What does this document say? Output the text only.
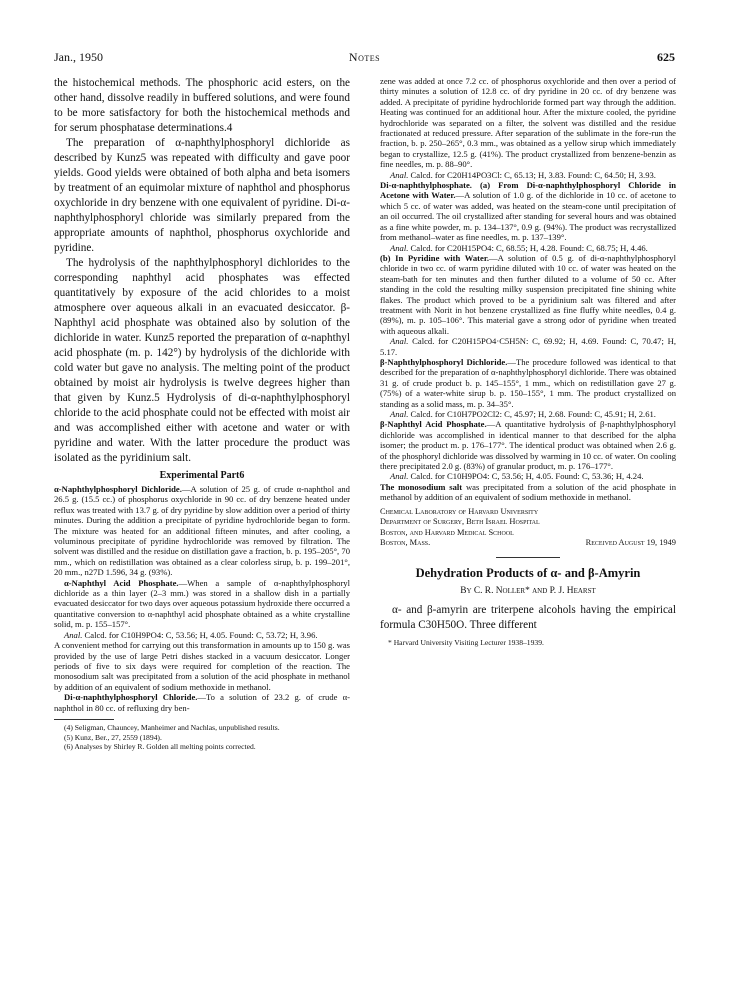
Jan., 1950	Notes	625

the histochemical methods. The phosphoric acid esters, on the other hand, dissolve readily in buffered solutions, and were found to be more satisfactory for both the histochemical methods and for serum phosphatase determinations.4

The preparation of α-naphthylphosphoryl dichloride as described by Kunz5 was repeated with difficulty and gave poor yields. Good yields were obtained of both alpha and beta isomers by treatment of an equimolar mixture of naphthol and phosphorus oxychloride in dry benzene with one equivalent of pyridine. Di-α-naphthylphosphoryl chloride was similarly prepared from the appropriate amounts of naphthol, phosphorus oxychloride and pyridine.

The hydrolysis of the naphthylphosphoryl dichlorides to the corresponding naphthyl acid phosphates was effected quantitatively by exposure of the acid chlorides to a moist atmosphere over aqueous alkali in an evacuated desiccator. β-Naphthyl acid phosphate was obtained also by solution of the dichloride in water. Kunz5 reported the preparation of α-naphthyl acid phosphate (m. p. 142°) by hydrolysis of the dichloride with cold water but gave no analysis. The melting point of the product obtained by moist air hydrolysis is twelve degrees higher than that given by Kunz.5 Hydrolysis of di-α-naphthylphosphoryl chloride to the acid phosphate could not be effected with moist air and was accomplished either with acetone and water or with pyridine and water. With the latter procedure the product was isolated as the pyridinium salt.

Experimental Part6

α-Naphthylphosphoryl Dichloride.—A solution of 25 g. of crude α-naphthol and 26.5 g. (15.5 cc.) of phosphorus oxychloride in 90 cc. of dry benzene heated under reflux was treated with 13.7 g. of dry pyridine by slow addition over a period of thirty minutes. During the addition a precipitate of pyridine hydrochloride began to form. The mixture was heated for an additional fifteen minutes, and after cooling, a voluminous precipitate of pyridine hydrochloride was removed by filtration. The solvent was distilled and the residue on distillation gave a fraction, b. p. 195–205°, 70 mm., which on redistillation was obtained as a clear colorless sirup, b. p. 199–201°, 20 mm., n27D 1.596, 34 g. (93%).

α-Naphthyl Acid Phosphate.—When a sample of α-naphthylphosphoryl dichloride as a thin layer (2–3 mm.) was stored in a shallow dish in a partially evacuated desiccator for two days over aqueous potassium hydroxide there occurred a quantitative conversion to α-naphthyl acid phosphate obtained as a white crystalline solid, m. p. 155–157°.

Anal. Calcd. for C10H9PO4: C, 53.56; H, 4.05. Found: C, 53.72; H, 3.96.

A convenient method for carrying out this transformation in amounts up to 150 g. was provided by the use of large Petri dishes stacked in a vacuum desiccator. Longer periods of five to six days were required for completion of the reaction. The monosodium salt was precipitated from a solution of the acid phosphate in methanol by addition of an equivalent of sodium methoxide in methanol.

Di-α-naphthylphosphoryl Chloride.—To a solution of 23.2 g. of crude α-naphthol in 80 cc. of refluxing dry ben-

(4) Seligman, Chauncey, Manheimer and Nachlas, unpublished results.

(5) Kunz, Ber., 27, 2559 (1894).

(6) Analyses by Shirley R. Golden all melting points corrected.

zene was added at once 7.2 cc. of phosphorus oxychloride and then over a period of thirty minutes a solution of 12.8 cc. of dry pyridine in 20 cc. of dry benzene was added. A precipitate of pyridine hydrochloride formed part way through the addition. Heating was continued for an additional hour. After the mixture cooled, the pyridine hydrochloride was separated on a filter, the solvent was distilled and the residue fractionated at reduced pressure. After separation of the sublimate in the fore-run the fraction, b. p. 250–265°, 0.3 mm., was obtained as a yellow sirup which immediately began to crystallize, 12.5 g. (41%). The product crystallized from benzene-benzin as fine needles, m. p. 88–90°.

Anal. Calcd. for C20H14PO3Cl: C, 65.13; H, 3.83. Found: C, 64.50; H, 3.93.

Di-α-naphthylphosphate. (a) From Di-α-naphthylphosphoryl Chloride in Acetone with Water.—A solution of 1.0 g. of the dichloride in 10 cc. of acetone to which 5 cc. of water was added, was heated on the steam-cone until precipitation of an oil occurred. The oil crystallized after standing for several hours and was obtained as a fine white powder, m. p. 134–137°, 0.9 g. (94%). The product was recrystallized from methanol–water as fine needles, m. p. 137–139°.

Anal. Calcd. for C20H15PO4: C, 68.55; H, 4.28. Found: C, 68.75; H, 4.46.

(b) In Pyridine with Water.—A solution of 0.5 g. of di-α-naphthylphosphoryl chloride in two cc. of warm pyridine diluted with 10 cc. of water was heated on the steam-bath for ten minutes and then further diluted to a volume of 50 cc. After standing in the cold the resulting milky suspension precipitated fine shining white flakes. The product which proved to be a pyridinium salt was filtered and after treatment with Norit in hot benzene crystallized as fine fluffy white needles, 0.4 g. (89%), m. p. 105–106°. This material gave a strong odor of pyridine when treated with aqueous alkali.

Anal. Calcd. for C20H15PO4·C5H5N: C, 69.92; H, 4.69. Found: C, 70.47; H, 5.17.

β-Naphthylphosphoryl Dichloride.—The procedure followed was identical to that described for the preparation of α-naphthylphosphoryl dichloride. There was obtained 31 g. of crude product b. p. 145–155°, 1 mm., which on redistillation gave 27 g. (75%) of a water-white sirup b. p. 150–155°, 1 mm. The product crystallized on standing as a solid mass, m. p. 34–35°.

Anal. Calcd. for C10H7PO2Cl2: C, 45.97; H, 2.68. Found: C, 45.91; H, 2.61.

β-Naphthyl Acid Phosphate.—A quantitative hydrolysis of β-naphthylphosphoryl dichloride was accomplished in identical manner to that described for the alpha isomer; the product m. p. 176–177°. The identical product was obtained when 2.6 g. of the phosphoryl dichloride was dissolved by warming in 10 cc. of water. On cooling there precipitated 2.0 g. (83%) of granular product, m. p. 176–177°.

Anal. Calcd. for C10H9PO4: C, 53.56; H, 4.05. Found: C, 53.36; H, 4.24.

The monosodium salt was precipitated from a solution of the acid phosphate in methanol by addition of an equivalent of sodium methoxide in methanol.

Chemical Laboratory of Harvard University
Department of Surgery, Beth Israel Hospital
Boston, and Harvard Medical School
Boston, Mass.	Received August 19, 1949
Dehydration Products of α- and β-Amyrin
By C. R. Noller* and P. J. Hearst

α- and β-amyrin are triterpene alcohols having the empirical formula C30H50O. Three different

* Harvard University Visiting Lecturer 1938–1939.
